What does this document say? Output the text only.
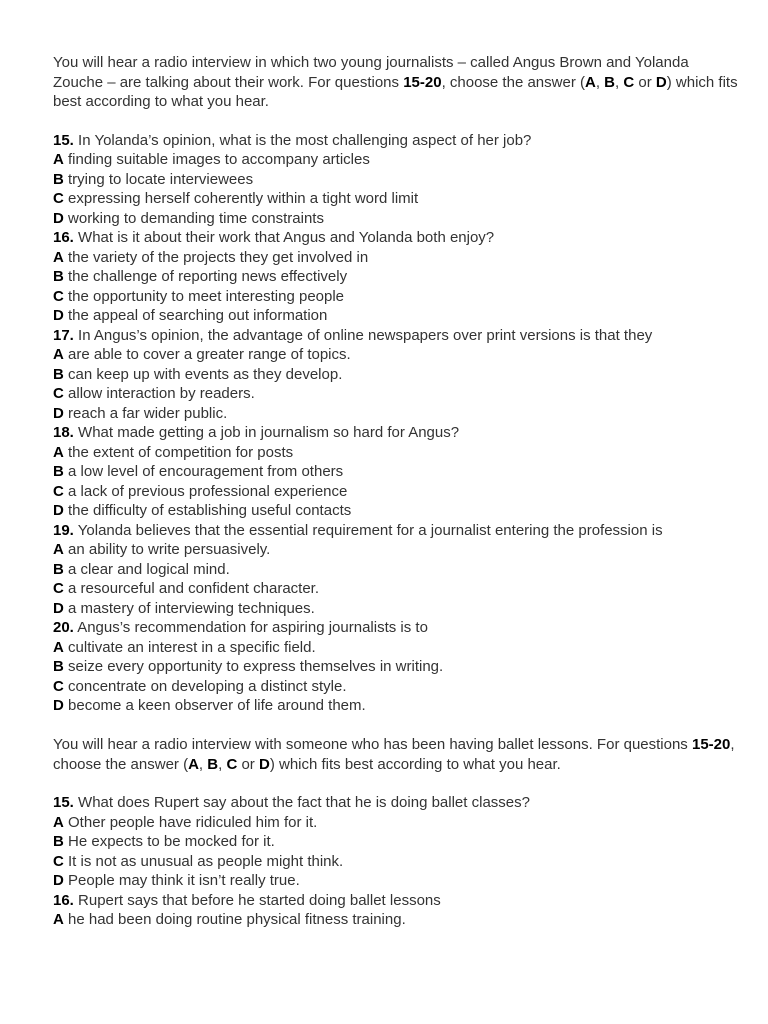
You will hear a radio interview in which two young journalists – called Angus Brown and Yolanda Zouche – are talking about their work. For questions 15-20, choose the answer (A, B, C or D) which fits best according to what you hear.

15. In Yolanda’s opinion, what is the most challenging aspect of her job?

A finding suitable images to accompany articles

B trying to locate interviewees

C expressing herself coherently within a tight word limit

D working to demanding time constraints

16. What is it about their work that Angus and Yolanda both enjoy?

A the variety of the projects they get involved in

B the challenge of reporting news effectively

C the opportunity to meet interesting people

D the appeal of searching out information

17. In Angus’s opinion, the advantage of online newspapers over print versions is that they

A are able to cover a greater range of topics.

B can keep up with events as they develop.

C allow interaction by readers.

D reach a far wider public.

18. What made getting a job in journalism so hard for Angus?

A the extent of competition for posts

B a low level of encouragement from others

C a lack of previous professional experience

D the difficulty of establishing useful contacts

19. Yolanda believes that the essential requirement for a journalist entering the profession is

A an ability to write persuasively.

B a clear and logical mind.

C a resourceful and confident character.

D a mastery of interviewing techniques.

20. Angus’s recommendation for aspiring journalists is to

A cultivate an interest in a specific field.

B seize every opportunity to express themselves in writing.

C concentrate on developing a distinct style.

D become a keen observer of life around them.

You will hear a radio interview with someone who has been having ballet lessons. For questions 15-20, choose the answer (A, B, C or D) which fits best according to what you hear.

15. What does Rupert say about the fact that he is doing ballet classes?

A Other people have ridiculed him for it.

B He expects to be mocked for it.

C It is not as unusual as people might think.

D People may think it isn’t really true.

16. Rupert says that before he started doing ballet lessons

A he had been doing routine physical fitness training.
